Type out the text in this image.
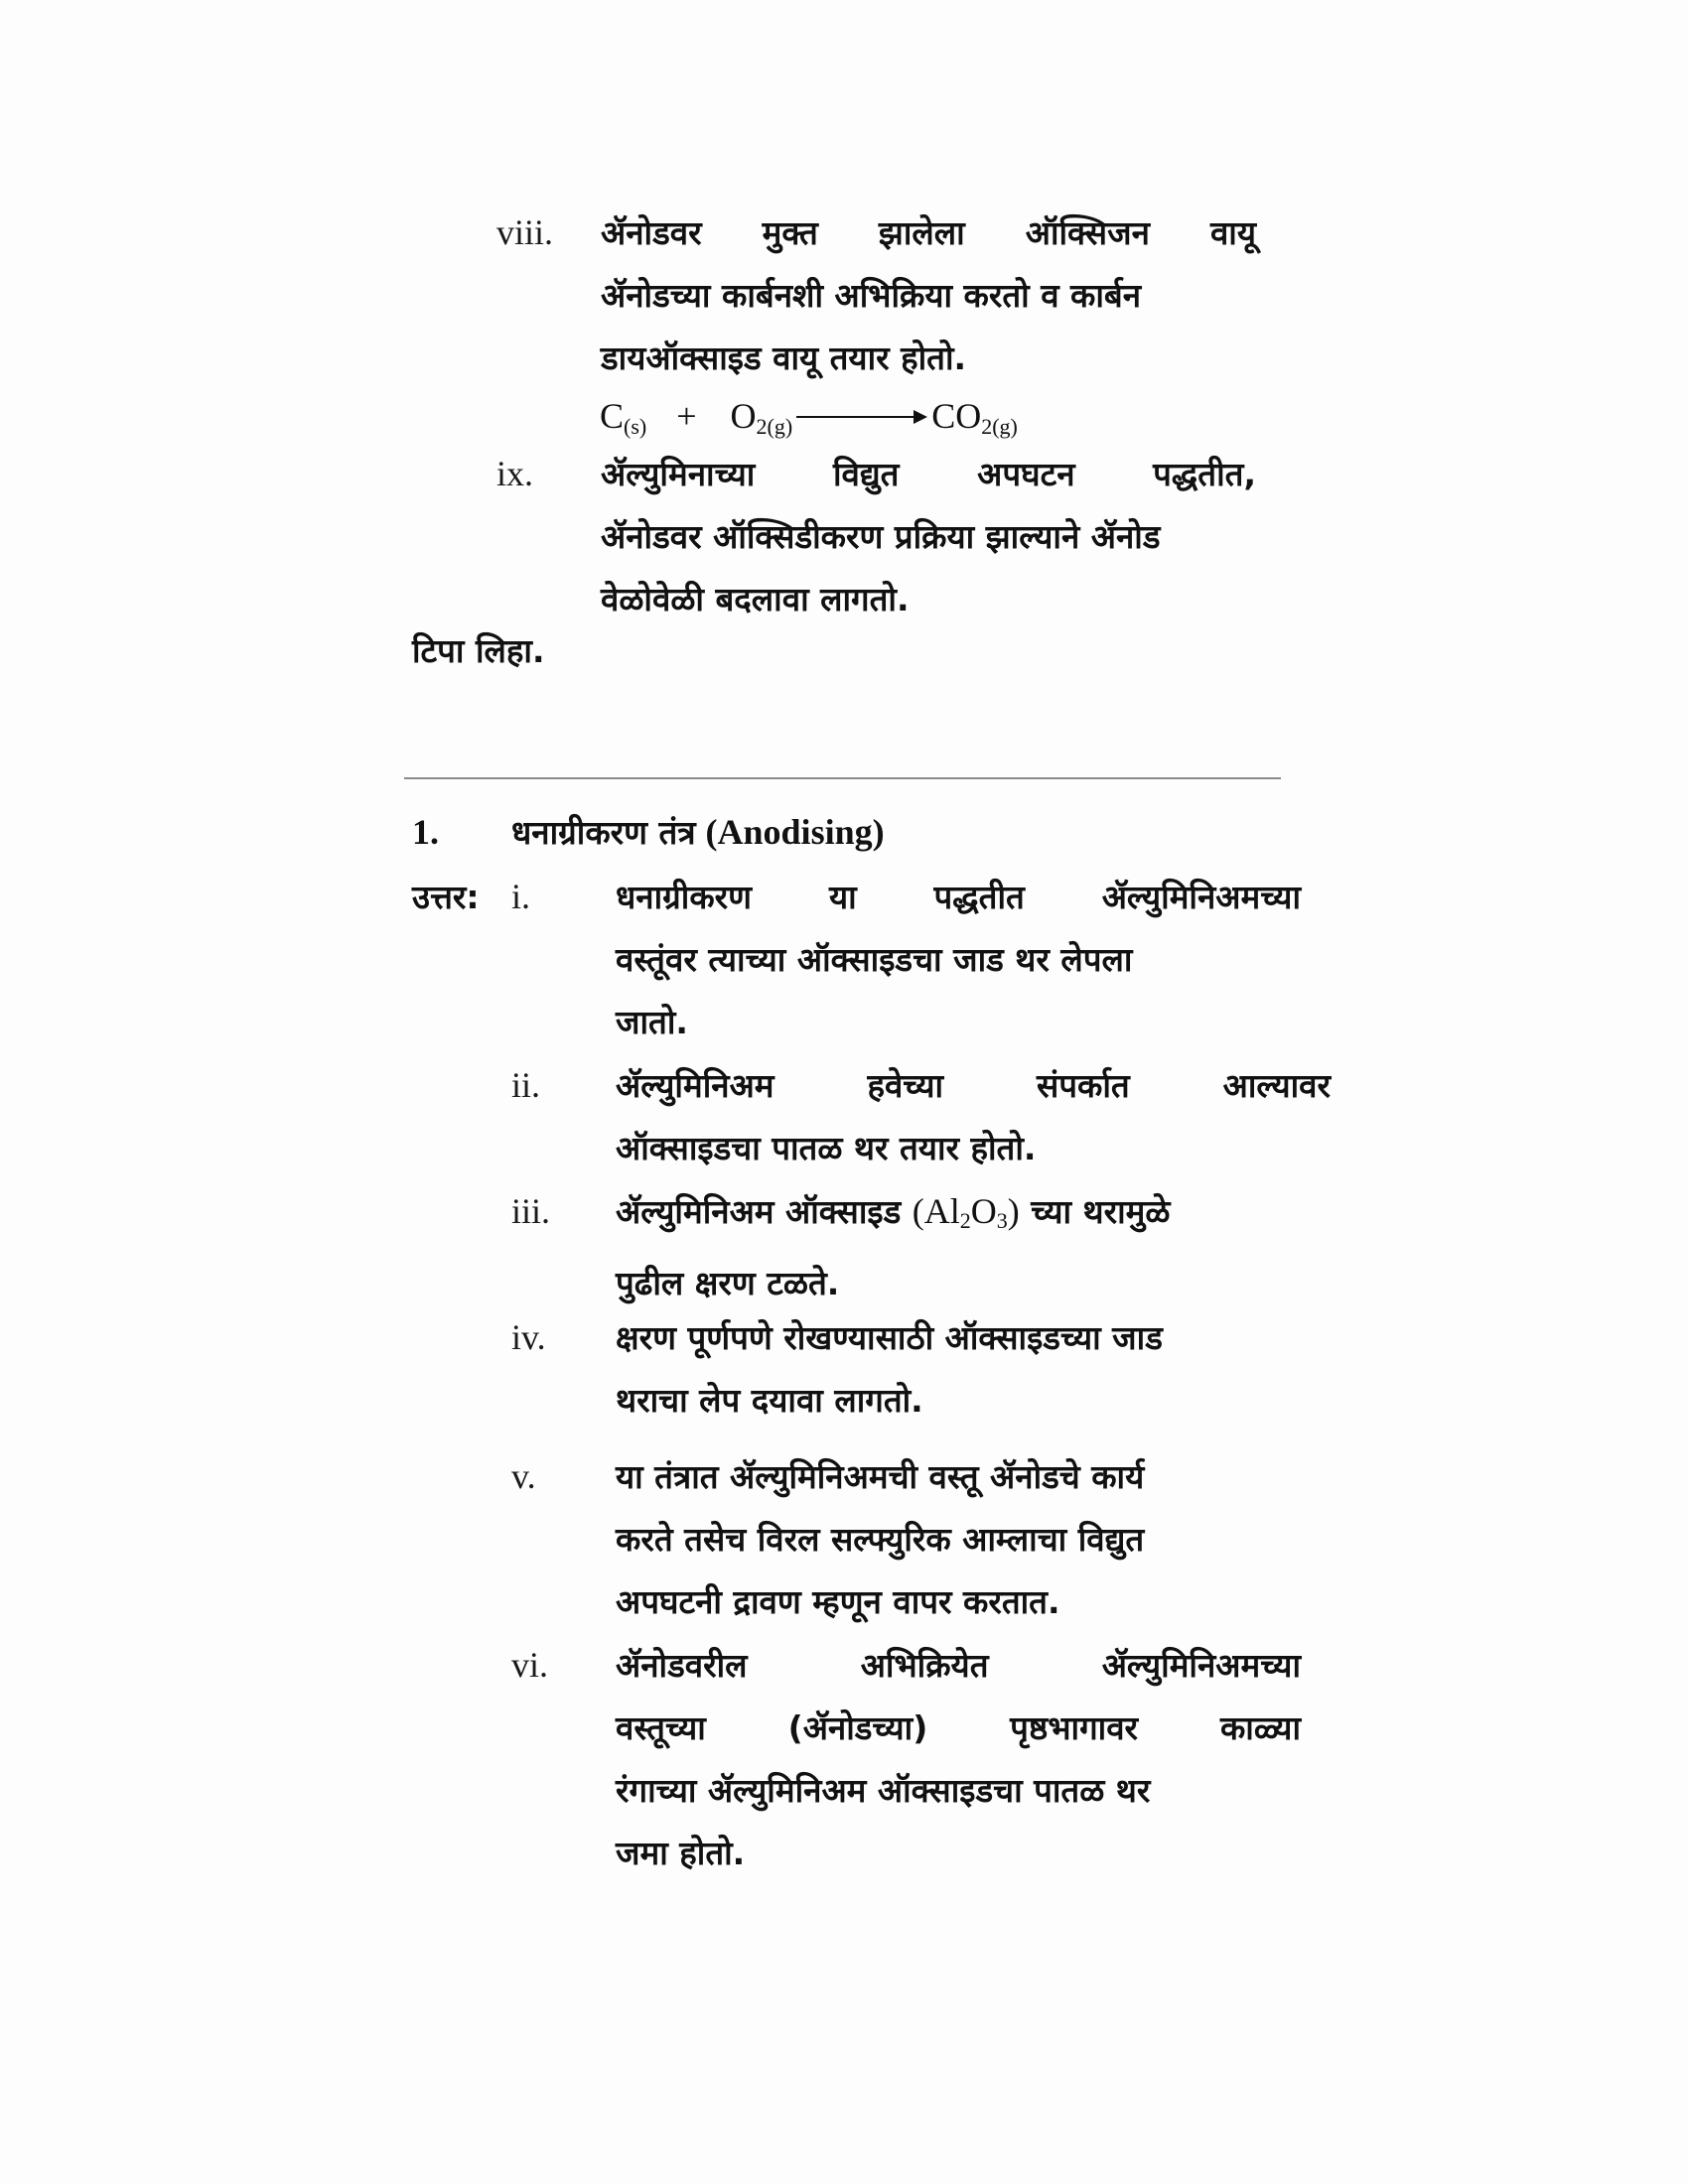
viii.	ॲनोडवर मुक्त झालेला ऑक्सिजन वायू
ॲनोडच्या कार्बनशी अभिक्रिया करतो व कार्बन
डायऑक्साइड वायू तयार होतो.
$C_{(s)} + O_{2(g)} \to CO_{2(g)}$
ix.	ॲल्युमिनाच्या विद्युत अपघटन पद्धतीत,
ॲनोडवर ऑक्सिडीकरण प्रक्रिया झाल्याने ॲनोड
वेळोवेळी बदलावा लागतो.
टिपा लिहा.
1.	धनाग्रीकरण तंत्र (Anodising)
उत्तर: i.	धनाग्रीकरण या पद्धतीत ॲल्युमिनिअमच्या
वस्तूंवर त्याच्या ऑक्साइडचा जाड थर लेपला
जातो.
ii.	ॲल्युमिनिअम	हवेच्या	संपर्कात	आल्यावर
ऑक्साइडचा पातळ थर तयार होतो.
iii.	ॲल्युमिनिअम ऑक्साइड $(Al_2O_3)$ च्या थरामुळे
पुढील क्षरण टळते.
iv.	क्षरण पूर्णपणे रोखण्यासाठी ऑक्साइडच्या जाड
थराचा लेप दयावा लागतो.
v.	या तंत्रात ॲल्युमिनिअमची वस्तू ॲनोडचे कार्य
करते तसेच विरल सल्फ्युरिक आम्लाचा विद्युत
अपघटनी द्रावण म्हणून वापर करतात.
vi.	ॲनोडवरील	अभिक्रियेत	ॲल्युमिनिअमच्या
वस्तूच्या	(ॲनोडच्या)	पृष्ठभागावर	काळ्या
रंगाच्या ॲल्युमिनिअम ऑक्साइडचा पातळ थर
जमा होतो.
